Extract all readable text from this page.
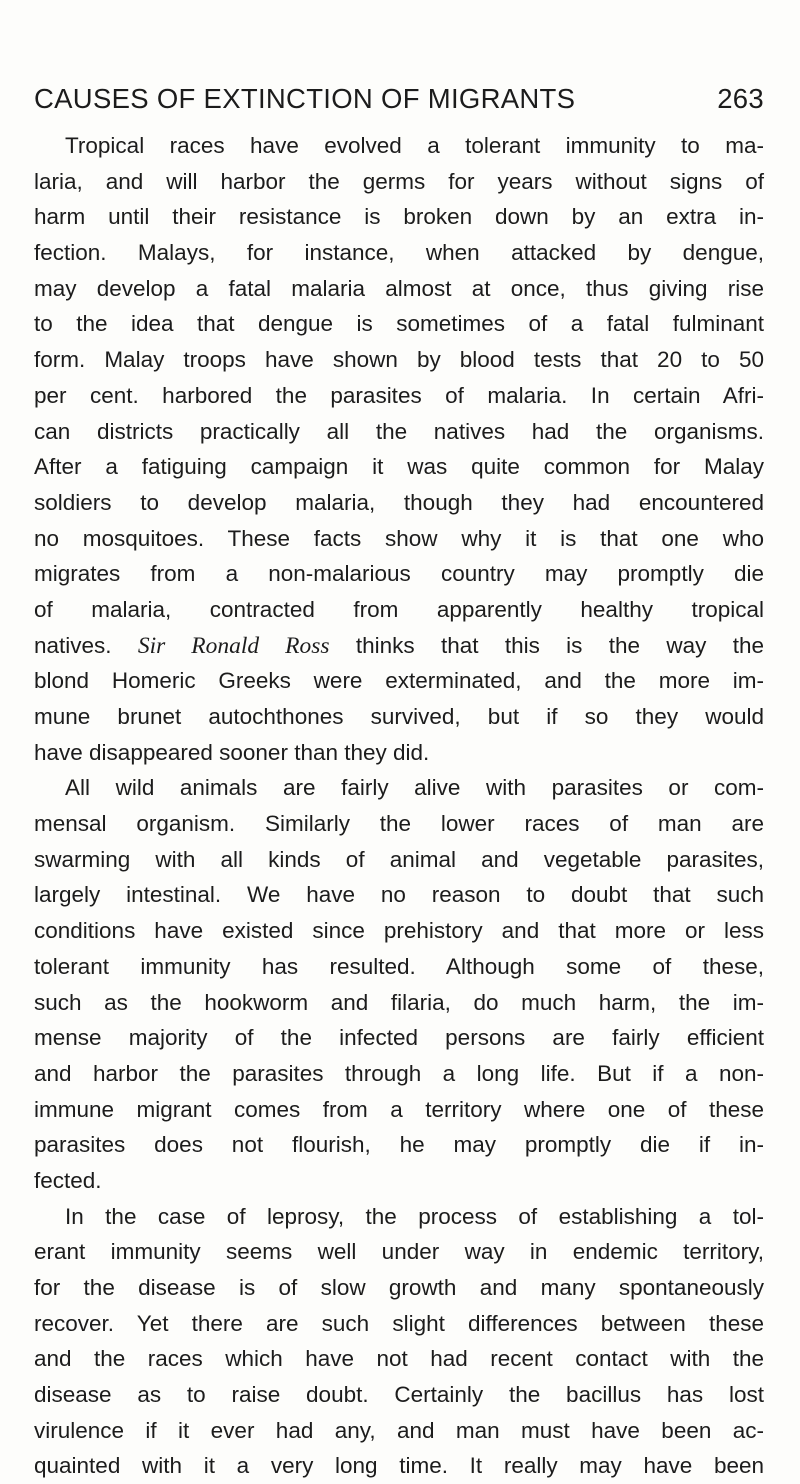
CAUSES OF EXTINCTION OF MIGRANTS	263
Tropical races have evolved a tolerant immunity to ma-
laria, and will harbor the germs for years without signs of
harm until their resistance is broken down by an extra in-
fection. Malays, for instance, when attacked by dengue,
may develop a fatal malaria almost at once, thus giving rise
to the idea that dengue is sometimes of a fatal fulminant
form. Malay troops have shown by blood tests that 20 to 50
per cent. harbored the parasites of malaria. In certain Afri-
can districts practically all the natives had the organisms.
After a fatiguing campaign it was quite common for Malay
soldiers to develop malaria, though they had encountered
no mosquitoes. These facts show why it is that one who
migrates from a non-malarious country may promptly die
of malaria, contracted from apparently healthy tropical
natives. Sir Ronald Ross thinks that this is the way the
blond Homeric Greeks were exterminated, and the more im-
mune brunet autochthones survived, but if so they would
have disappeared sooner than they did.
All wild animals are fairly alive with parasites or com-
mensal organism. Similarly the lower races of man are
swarming with all kinds of animal and vegetable parasites,
largely intestinal. We have no reason to doubt that such
conditions have existed since prehistory and that more or less
tolerant immunity has resulted. Although some of these,
such as the hookworm and filaria, do much harm, the im-
mense majority of the infected persons are fairly efficient
and harbor the parasites through a long life. But if a non-
immune migrant comes from a territory where one of these
parasites does not flourish, he may promptly die if in-
fected.
In the case of leprosy, the process of establishing a tol-
erant immunity seems well under way in endemic territory,
for the disease is of slow growth and many spontaneously
recover. Yet there are such slight differences between these
and the races which have not had recent contact with the
disease as to raise doubt. Certainly the bacillus has lost
virulence if it ever had any, and man must have been ac-
quainted with it a very long time. It really may have been
